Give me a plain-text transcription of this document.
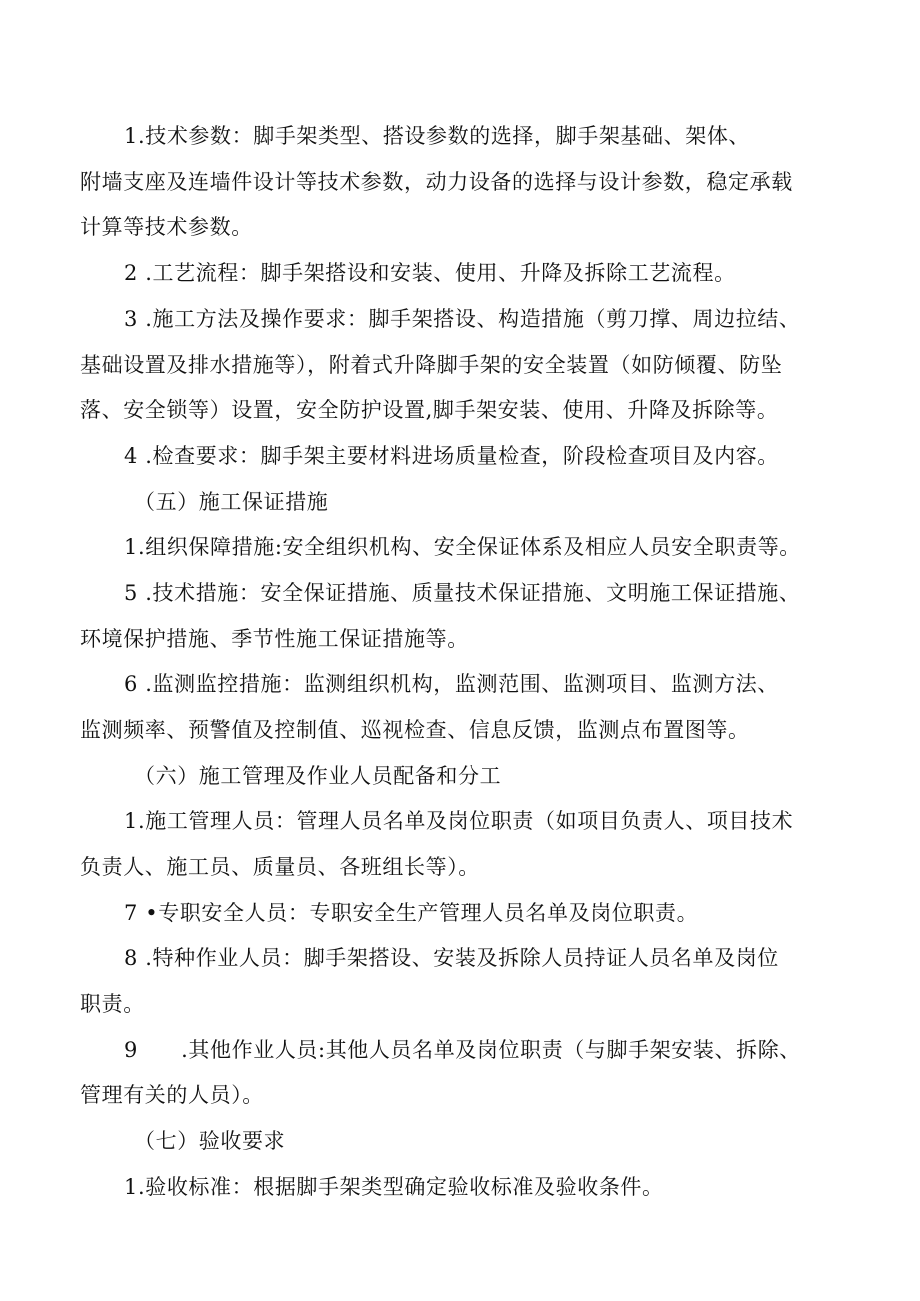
1.技术参数：脚手架类型、搭设参数的选择，脚手架基础、架体、
附墙支座及连墙件设计等技术参数，动力设备的选择与设计参数，稳定承载
计算等技术参数。
2 .工艺流程：脚手架搭设和安装、使用、升降及拆除工艺流程。
3 .施工方法及操作要求：脚手架搭设、构造措施（剪刀撑、周边拉结、
基础设置及排水措施等），附着式升降脚手架的安全装置（如防倾覆、防坠
落、安全锁等）设置，安全防护设置,脚手架安装、使用、升降及拆除等。
4 .检查要求：脚手架主要材料进场质量检查，阶段检查项目及内容。
（五）施工保证措施
1.组织保障措施:安全组织机构、安全保证体系及相应人员安全职责等。
5 .技术措施：安全保证措施、质量技术保证措施、文明施工保证措施、
环境保护措施、季节性施工保证措施等。
6 .监测监控措施：监测组织机构，监测范围、监测项目、监测方法、
监测频率、预警值及控制值、巡视检查、信息反馈，监测点布置图等。
（六）施工管理及作业人员配备和分工
1.施工管理人员：管理人员名单及岗位职责（如项目负责人、项目技术
负责人、施工员、质量员、各班组长等）。
7 •专职安全人员：专职安全生产管理人员名单及岗位职责。
8 .特种作业人员：脚手架搭设、安装及拆除人员持证人员名单及岗位
职责。
9　　.其他作业人员:其他人员名单及岗位职责（与脚手架安装、拆除、
管理有关的人员）。
（七）验收要求
1.验收标准：根据脚手架类型确定验收标准及验收条件。
